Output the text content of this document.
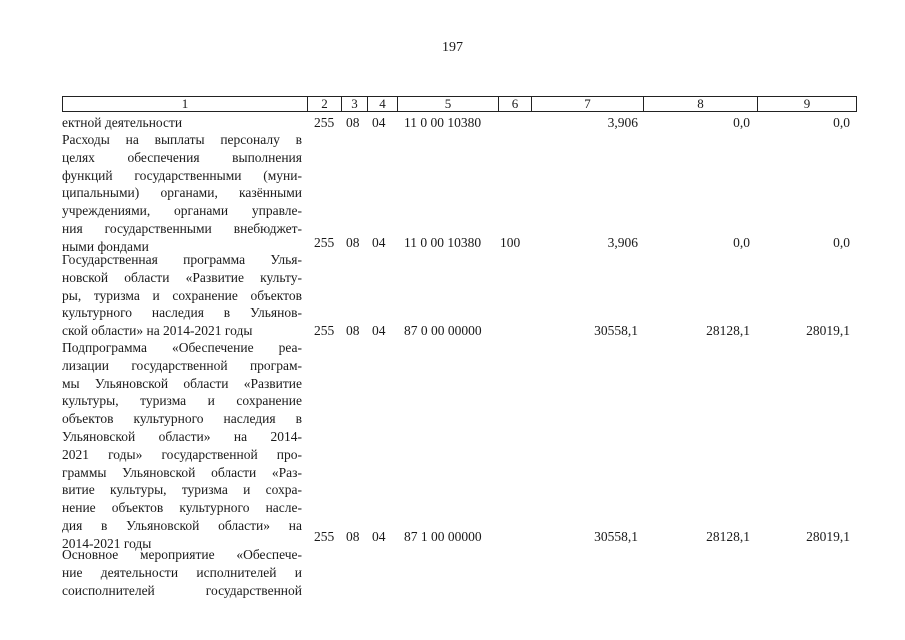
197
1	2	3	4	5	6	7	8	9
ектной деятельности	255 08 04 11 0 00 10380	3,906	0,0	0,0
Расходы на выплаты персоналу в
целях обеспечения выполнения
функций государственными (муни-
ципальными) органами, казёнными
учреждениями, органами управле-
ния государственными внебюджет-
ными фондами	255 08 04 11 0 00 10380 100	3,906	0,0	0,0
Государственная программа Улья-
новской области «Развитие культу-
ры, туризма и сохранение объектов
культурного наследия в Ульянов-
ской области» на 2014-2021 годы	255 08 04 87 0 00 00000	30558,1	28128,1	28019,1
Подпрограмма «Обеспечение реа-
лизации государственной програм-
мы Ульяновской области «Развитие
культуры, туризма и сохранение
объектов культурного наследия в
Ульяновской области» на 2014-
2021 годы» государственной про-
граммы Ульяновской области «Раз-
витие культуры, туризма и сохра-
нение объектов культурного насле-
дия в Ульяновской области» на
2014-2021 годы	255 08 04 87 1 00 00000	30558,1	28128,1	28019,1
Основное мероприятие «Обеспече-
ние деятельности исполнителей и
соисполнителей государственной
